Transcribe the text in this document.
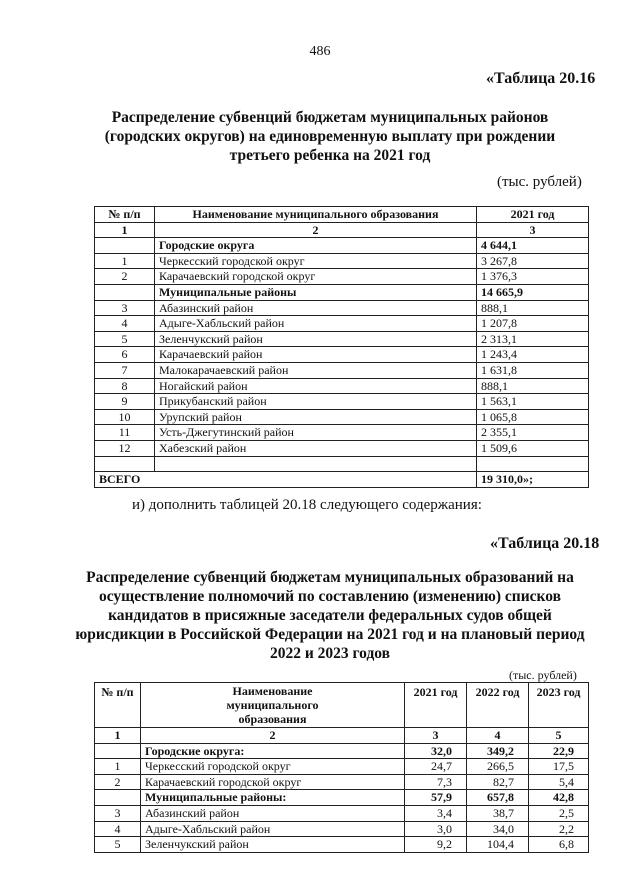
486
«Таблица 20.16
Распределение субвенций бюджетам муниципальных районов
(городских округов) на единовременную выплату при рождении
третьего ребенка на 2021 год
(тыс. рублей)
№ п/п	Наименование муниципального образования	2021 год
1	2	3
	Городские округа	4 644,1
1	Черкесский городской округ	3 267,8
2	Карачаевский городской округ	1 376,3
	Муниципальные районы	14 665,9
3	Абазинский район	888,1
4	Адыге-Хабльский район	1 207,8
5	Зеленчукский район	2 313,1
6	Карачаевский район	1 243,4
7	Малокарачаевский район	1 631,8
8	Ногайский район	888,1
9	Прикубанский район	1 563,1
10	Урупский район	1 065,8
11	Усть-Джегутинский район	2 355,1
12	Хабезский район	1 509,6

ВСЕГО		19 310,0»;
и) дополнить таблицей 20.18 следующего содержания:
«Таблица 20.18
Распределение субвенций бюджетам муниципальных образований на
осуществление полномочий по составлению (изменению) списков
кандидатов в присяжные заседатели федеральных судов общей
юрисдикции в Российской Федерации на 2021 год и на плановый период
2022 и 2023 годов
(тыс. рублей)
№ п/п	Наименование муниципального образования	2021 год	2022 год	2023 год
1	2	3	4	5
	Городские округа:	32,0	349,2	22,9
1	Черкесский городской округ	24,7	266,5	17,5
2	Карачаевский городской округ	7,3	82,7	5,4
	Муниципальные районы:	57,9	657,8	42,8
3	Абазинский район	3,4	38,7	2,5
4	Адыге-Хабльский район	3,0	34,0	2,2
5	Зеленчукский район	9,2	104,4	6,8
